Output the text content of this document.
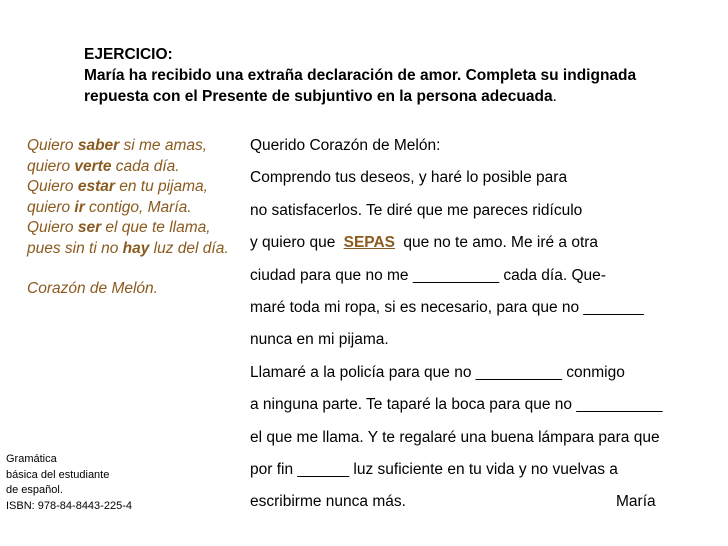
EJERCICIO:
María ha recibido una extraña declaración de amor. Completa su indignada
repuesta con el Presente de subjuntivo en la persona adecuada.
Quiero saber si me amas,
quiero verte cada día.
Quiero estar en tu pijama,
quiero ir contigo, María.
Quiero ser el que te llama,
pues sin ti no hay luz del día.
Corazón de Melón.
Querido Corazón de Melón:
Comprendo tus deseos, y haré lo posible para
no satisfacerlos. Te diré que me pareces ridículo
y quiero que SEPAS que no te amo. Me iré a otra
ciudad para que no me __________ cada día. Que-
maré toda mi ropa, si es necesario, para que no _______
nunca en mi pijama.
Llamaré a la policía para que no __________ conmigo
a ninguna parte. Te taparé la boca para que no __________
el que me llama. Y te regalaré una buena lámpara para que
por fin ______ luz suficiente en tu vida y no vuelvas a
escribirme nunca más.	María
Gramática
básica del estudiante
de español.
ISBN: 978-84-8443-225-4
